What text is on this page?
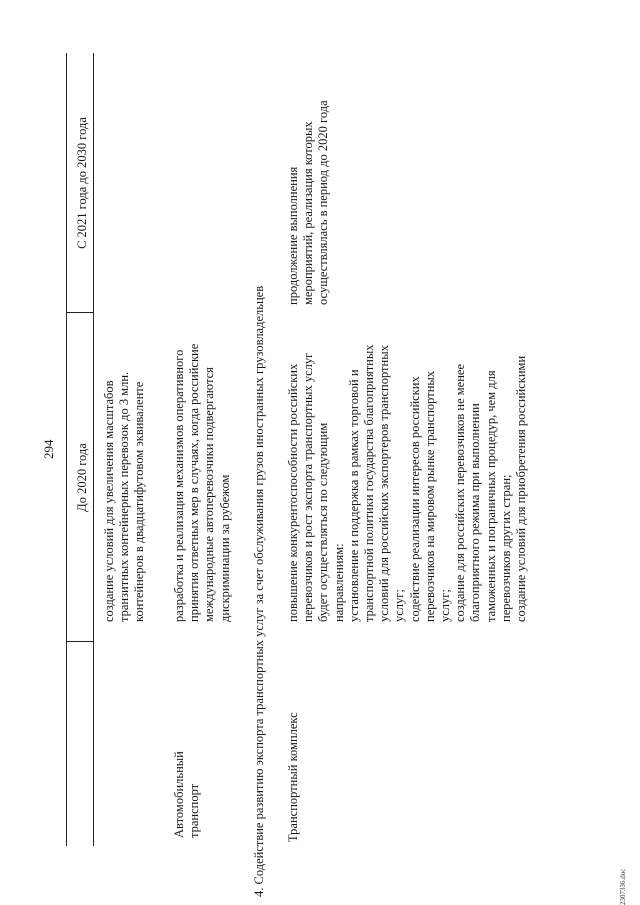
294 До 2020 года
С 2021 года до 2030 года
создание условий для увеличения масштабов транзитных контейнерных перевозок до 3 млн. контейнеров в двадцатифутовом эквиваленте
Автомобильный транспорт
разработка и реализация механизмов оперативного принятия ответных мер в случаях, когда российские международные автоперевозчики подвергаются дискриминации за рубежом 4. Содействие развитию экспорта транспортных услуг за счет обслуживания грузов иностранных грузовладельцев Транспортный комплекс
повышение конкурентоспособности российских перевозчиков и рост экспорта транспортных услуг будет осуществляться по следующим направлениям: установление и поддержка в рамках торговой и транспортной политики государства благоприятных условий для российских экспортеров транспортных услуг; содействие реализации интересов российских перевозчиков на мировом рынке транспортных услуг; создание для российских перевозчиков не менее благоприятного режима при выполнении таможенных и пограничных процедур, чем для перевозчиков других стран; создание условий для приобретения российскими
продолжение выполнения мероприятий, реализация которых осуществлялась в период до 2020 года
2307336.doc
